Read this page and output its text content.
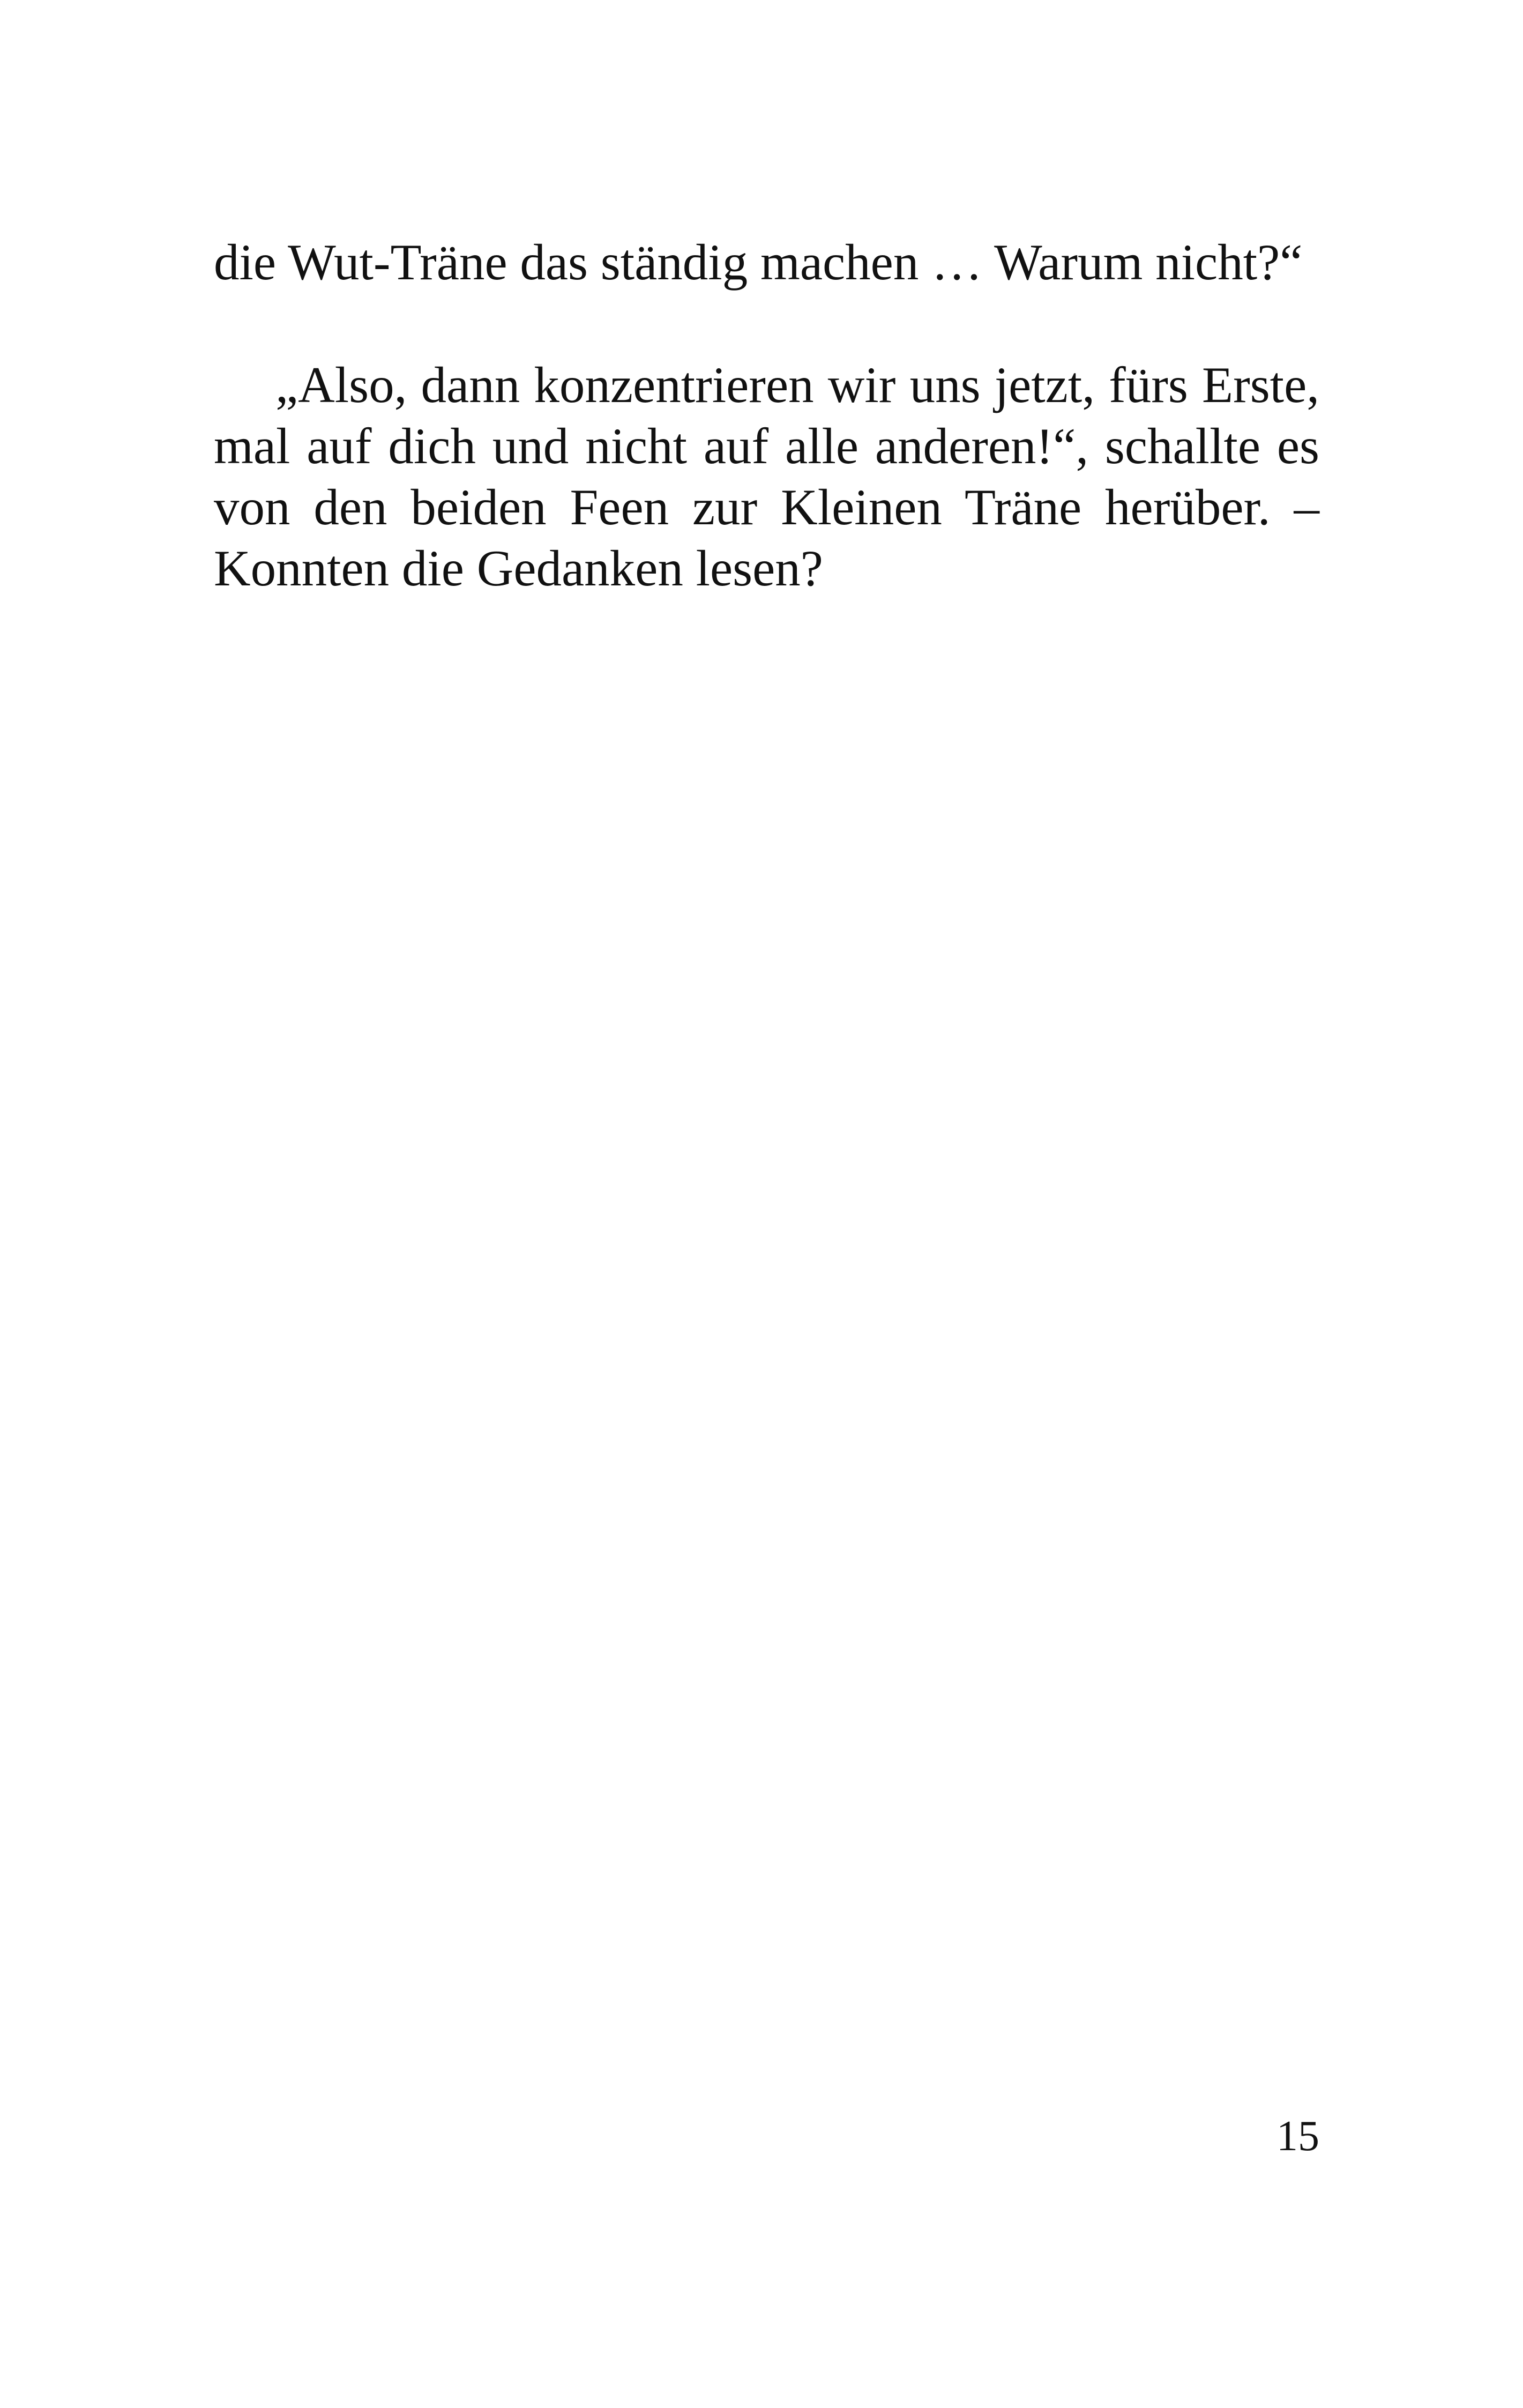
die Wut-Träne das ständig machen … Warum nicht?“

„Also, dann konzentrieren wir uns jetzt, fürs Erste, mal auf dich und nicht auf alle anderen!“, schallte es von den beiden Feen zur Kleinen Träne herüber. – Konnten die Gedanken lesen?

15
